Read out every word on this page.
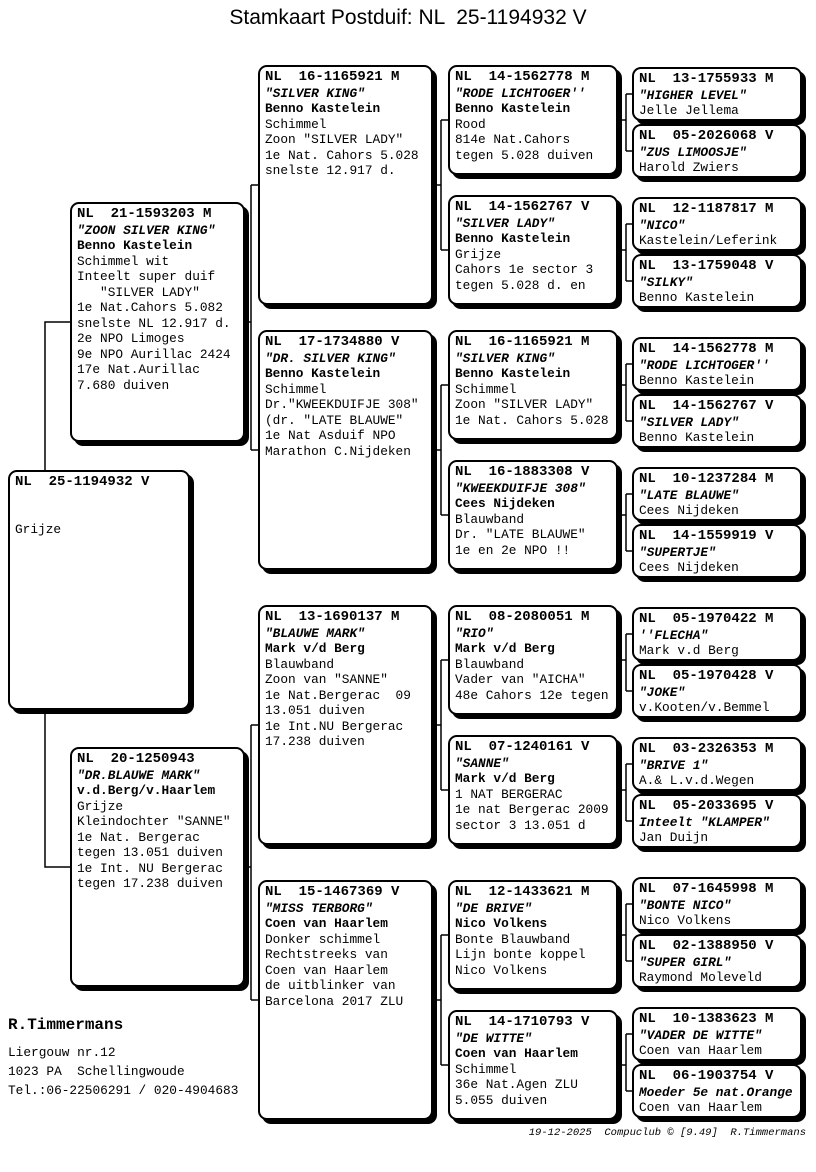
Stamkaart Postduif: NL  25-1194932 V
NL  25-1194932 V
Grijze
NL  21-1593203 M
"ZOON SILVER KING"
Benno Kastelein
Schimmel wit
Inteelt super duif
"SILVER LADY"
1e Nat.Cahors 5.082
snelste NL 12.917 d.
2e NPO Limoges
9e NPO Aurillac 2424
17e Nat.Aurillac
7.680 duiven
NL  20-1250943
"DR.BLAUWE MARK"
v.d.Berg/v.Haarlem
Grijze
Kleindochter "SANNE"
1e Nat. Bergerac
tegen 13.051 duiven
1e Int. NU Bergerac
tegen 17.238 duiven
NL  16-1165921 M
"SILVER KING"
Benno Kastelein
Schimmel
Zoon "SILVER LADY"
1e Nat. Cahors 5.028
snelste 12.917 d.
NL  17-1734880 V
"DR. SILVER KING"
Benno Kastelein
Schimmel
Dr."KWEEKDUIFJE 308"
(dr. "LATE BLAUWE"
1e Nat Asduif NPO
Marathon C.Nijdeken
NL  13-1690137 M
"BLAUWE MARK"
Mark v/d Berg
Blauwband
Zoon van "SANNE"
1e Nat.Bergerac  09
13.051 duiven
1e Int.NU Bergerac
17.238 duiven
NL  15-1467369 V
"MISS TERBORG"
Coen van Haarlem
Donker schimmel
Rechtstreeks van
Coen van Haarlem
de uitblinker van
Barcelona 2017 ZLU
NL  14-1562778 M
"RODE LICHTOGER''
Benno Kastelein
Rood
814e Nat.Cahors
tegen 5.028 duiven
NL  14-1562767 V
"SILVER LADY"
Benno Kastelein
Grijze
Cahors 1e sector 3
tegen 5.028 d. en
NL  16-1165921 M
"SILVER KING"
Benno Kastelein
Schimmel
Zoon "SILVER LADY"
1e Nat. Cahors 5.028
NL  16-1883308 V
"KWEEKDUIFJE 308"
Cees Nijdeken
Blauwband
Dr. "LATE BLAUWE"
1e en 2e NPO !!
NL  08-2080051 M
"RIO"
Mark v/d Berg
Blauwband
Vader van "AICHA"
48e Cahors 12e tegen
NL  07-1240161 V
"SANNE"
Mark v/d Berg
1 NAT BERGERAC
1e nat Bergerac 2009
sector 3 13.051 d
NL  12-1433621 M
"DE BRIVE"
Nico Volkens
Bonte Blauwband
Lijn bonte koppel
Nico Volkens
NL  14-1710793 V
"DE WITTE"
Coen van Haarlem
Schimmel
36e Nat.Agen ZLU
5.055 duiven
NL  13-1755933 M
"HIGHER LEVEL"
Jelle Jellema
NL  05-2026068 V
"ZUS LIMOOSJE"
Harold Zwiers
NL  12-1187817 M
"NICO"
Kastelein/Leferink
NL  13-1759048 V
"SILKY"
Benno Kastelein
NL  14-1562778 M
"RODE LICHTOGER''
Benno Kastelein
NL  14-1562767 V
"SILVER LADY"
Benno Kastelein
NL  10-1237284 M
"LATE BLAUWE"
Cees Nijdeken
NL  14-1559919 V
"SUPERTJE"
Cees Nijdeken
NL  05-1970422 M
''FLECHA"
Mark v.d Berg
NL  05-1970428 V
"JOKE"
v.Kooten/v.Bemmel
NL  03-2326353 M
"BRIVE 1"
A.& L.v.d.Wegen
NL  05-2033695 V
Inteelt "KLAMPER"
Jan Duijn
NL  07-1645998 M
"BONTE NICO"
Nico Volkens
NL  02-1388950 V
"SUPER GIRL"
Raymond Moleveld
NL  10-1383623 M
"VADER DE WITTE"
Coen van Haarlem
NL  06-1903754 V
Moeder 5e nat.Orange
Coen van Haarlem
R.Timmermans
Liergouw nr.12
1023 PA  Schellingwoude
Tel.:06-22506291 / 020-4904683
19-12-2025  Compuclub © [9.49]  R.Timmermans
